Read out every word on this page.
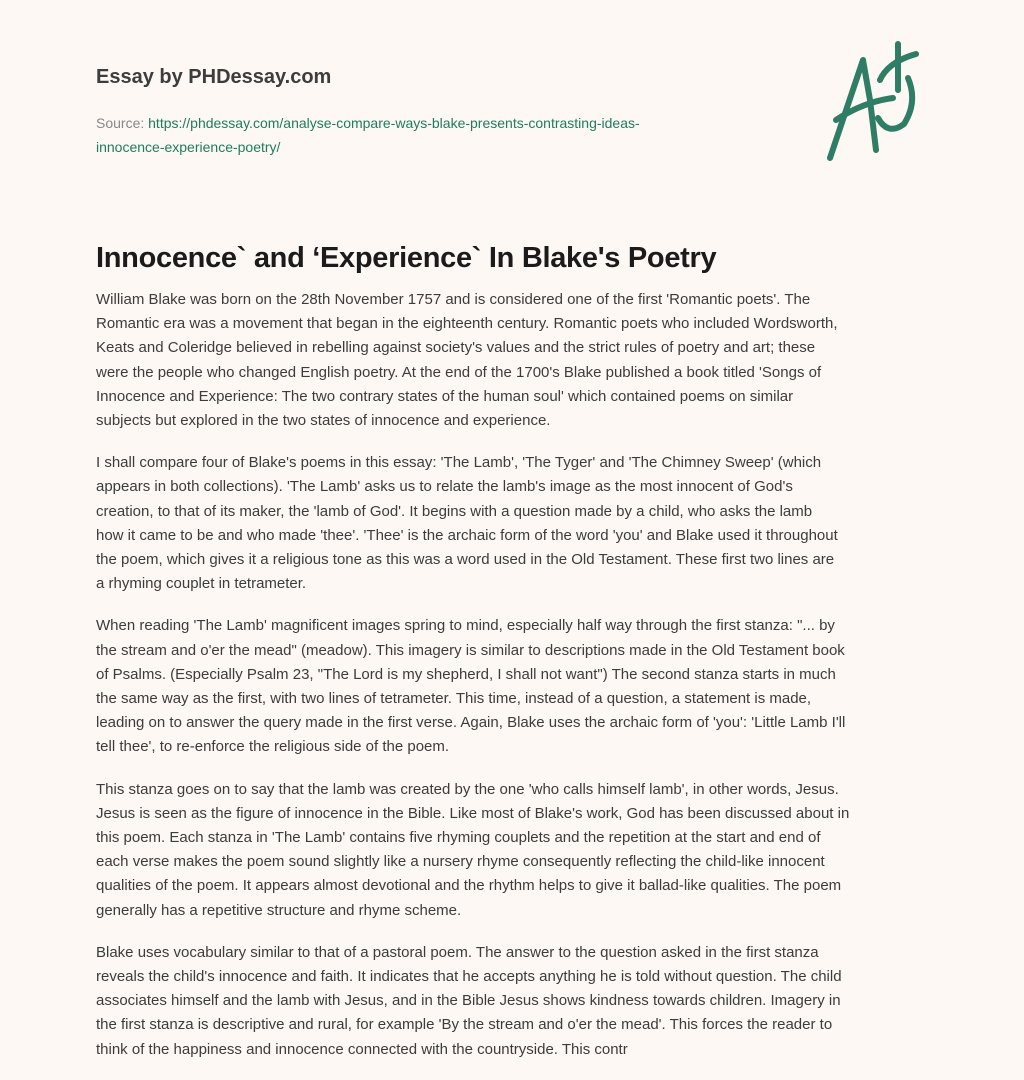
Essay by PHDessay.com
Source: https://phdessay.com/analyse-compare-ways-blake-presents-contrasting-ideas-
innocence-experience-poetry/
Innocence` and ‘Experience` In Blake's Poetry

William Blake was born on the 28th November 1757 and is considered one of the first 'Romantic poets'. The
Romantic era was a movement that began in the eighteenth century. Romantic poets who included Wordsworth,
Keats and Coleridge believed in rebelling against society's values and the strict rules of poetry and art; these
were the people who changed English poetry. At the end of the 1700's Blake published a book titled 'Songs of
Innocence and Experience: The two contrary states of the human soul' which contained poems on similar
subjects but explored in the two states of innocence and experience.

I shall compare four of Blake's poems in this essay: 'The Lamb', 'The Tyger' and 'The Chimney Sweep' (which
appears in both collections). 'The Lamb' asks us to relate the lamb's image as the most innocent of God's
creation, to that of its maker, the 'lamb of God'. It begins with a question made by a child, who asks the lamb
how it came to be and who made 'thee'. 'Thee' is the archaic form of the word 'you' and Blake used it throughout
the poem, which gives it a religious tone as this was a word used in the Old Testament. These first two lines are
a rhyming couplet in tetrameter.

When reading 'The Lamb' magnificent images spring to mind, especially half way through the first stanza: "... by
the stream and o'er the mead" (meadow). This imagery is similar to descriptions made in the Old Testament book
of Psalms. (Especially Psalm 23, "The Lord is my shepherd, I shall not want") The second stanza starts in much
the same way as the first, with two lines of tetrameter. This time, instead of a question, a statement is made,
leading on to answer the query made in the first verse. Again, Blake uses the archaic form of 'you': 'Little Lamb I'll
tell thee', to re-enforce the religious side of the poem.

This stanza goes on to say that the lamb was created by the one 'who calls himself lamb', in other words, Jesus.
Jesus is seen as the figure of innocence in the Bible. Like most of Blake's work, God has been discussed about in
this poem. Each stanza in 'The Lamb' contains five rhyming couplets and the repetition at the start and end of
each verse makes the poem sound slightly like a nursery rhyme consequently reflecting the child-like innocent
qualities of the poem. It appears almost devotional and the rhythm helps to give it ballad-like qualities. The poem
generally has a repetitive structure and rhyme scheme.

Blake uses vocabulary similar to that of a pastoral poem. The answer to the question asked in the first stanza
reveals the child's innocence and faith. It indicates that he accepts anything he is told without question. The child
associates himself and the lamb with Jesus, and in the Bible Jesus shows kindness towards children. Imagery in
the first stanza is descriptive and rural, for example 'By the stream and o'er the mead'. This forces the reader to
think of the happiness and innocence connected with the countryside. This contr
